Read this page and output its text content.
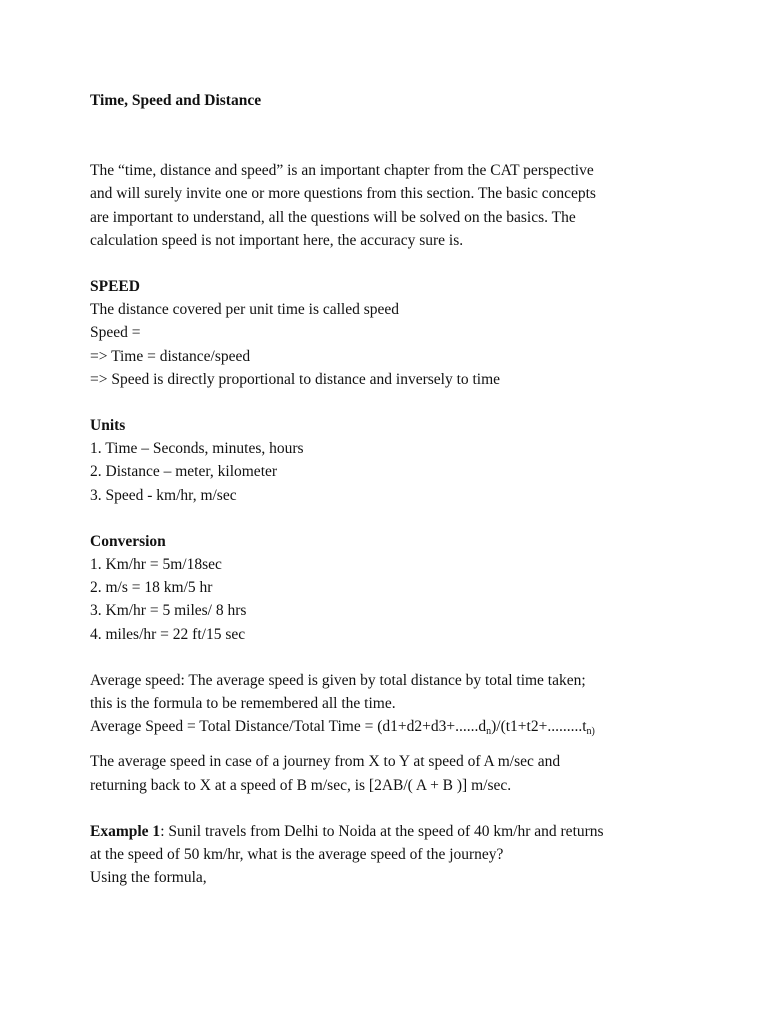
Time, Speed and Distance

The “time, distance and speed” is an important chapter from the CAT perspective

and will surely invite one or more questions from this section. The basic concepts

are important to understand, all the questions will be solved on the basics. The

calculation speed is not important here, the accuracy sure is.

SPEED

The distance covered per unit time is called speed

Speed =

=> Time = distance/speed

=> Speed is directly proportional to distance and inversely to time

Units

1. Time – Seconds, minutes, hours

2. Distance – meter, kilometer

3. Speed - km/hr, m/sec

Conversion

1. Km/hr = 5m/18sec

2. m/s = 18 km/5 hr

3. Km/hr = 5 miles/ 8 hrs

4. miles/hr = 22 ft/15 sec

Average speed: The average speed is given by total distance by total time taken;

this is the formula to be remembered all the time.

Average Speed = Total Distance/Total Time = $(d1+d2+d3+......d_n)/(t1+t2+.........t_{n)}$

The average speed in case of a journey from X to Y at speed of A m/sec and

returning back to X at a speed of B m/sec, is [2AB/( A + B )] m/sec.

Example 1: Sunil travels from Delhi to Noida at the speed of 40 km/hr and returns

at the speed of 50 km/hr, what is the average speed of the journey?

Using the formula,
